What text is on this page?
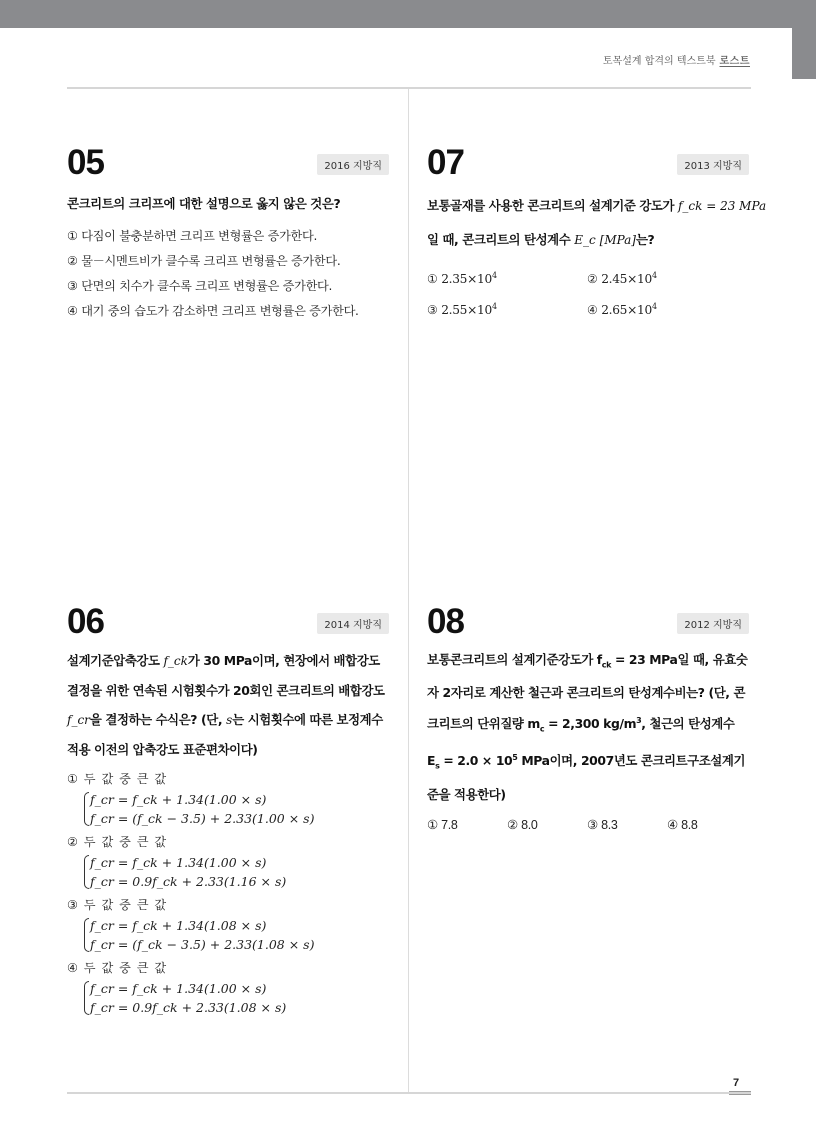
토목설계 합격의 텍스트북 로스트
05	2016 지방직
콘크리트의 크리프에 대한 설명으로 옳지 않은 것은?
① 다짐이 불충분하면 크리프 변형률은 증가한다.
② 물－시멘트비가 클수록 크리프 변형률은 증가한다.
③ 단면의 치수가 클수록 크리프 변형률은 증가한다.
④ 대기 중의 습도가 감소하면 크리프 변형률은 증가한다.
07	2013 지방직
보통골재를 사용한 콘크리트의 설계기준 강도가 f_ck = 23 MPa
일 때, 콘크리트의 탄성계수 E_c [MPa]는?
① $2.35\times 10^4$	② $2.45\times 10^4$
③ $2.55\times 10^4$	④ $2.65\times 10^4$
06	2014 지방직
설계기준압축강도 f_ck가 30 MPa이며, 현장에서 배합강도 결정을 위한 연속된 시험횟수가 20회인 콘크리트의 배합강도 f_cr을 결정하는 수식은? (단, s는 시험횟수에 따른 보정계수 적용 이전의 압축강도 표준편차이다)
① 두 값 중 큰 값
f_cr = f_ck + 1.34(1.00 × s)
f_cr = (f_ck − 3.5) + 2.33(1.00 × s)
② 두 값 중 큰 값
f_cr = f_ck + 1.34(1.00 × s)
f_cr = 0.9f_ck + 2.33(1.16 × s)
③ 두 값 중 큰 값
f_cr = f_ck + 1.34(1.08 × s)
f_cr = (f_ck − 3.5) + 2.33(1.08 × s)
④ 두 값 중 큰 값
f_cr = f_ck + 1.34(1.00 × s)
f_cr = 0.9f_ck + 2.33(1.08 × s)
08	2012 지방직
보통콘크리트의 설계기준강도가 $f_{ck} = 23$ MPa일 때, 유효숫자 2자리로 계산한 철근과 콘크리트의 탄성계수비는? (단, 콘크리트의 단위질량 $m_c = 2,300$ $kg/m^3$, 철근의 탄성계수 $E_s = 2.0 \times 10^5$ MPa이며, 2007년도 콘크리트구조설계기준을 적용한다)
① 7.8	② 8.0	③ 8.3	④ 8.8
7
